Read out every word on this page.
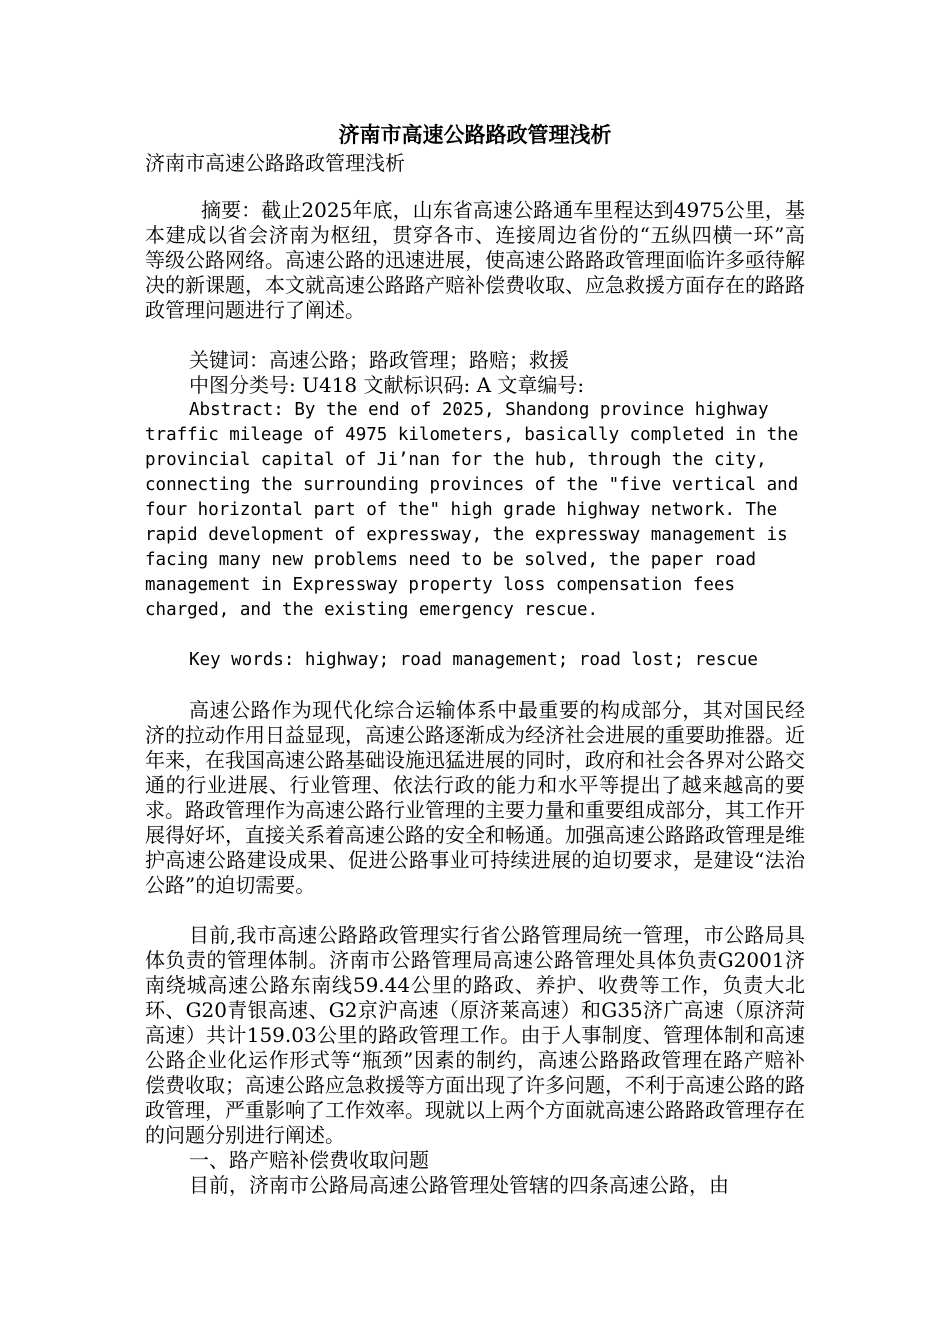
济南市高速公路路政管理浅析

济南市高速公路路政管理浅析

摘要：截止2025年底，山东省高速公路通车里程达到4975公里，基本建成以省会济南为枢纽，贯穿各市、连接周边省份的“五纵四横一环”高等级公路网络。高速公路的迅速进展，使高速公路路政管理面临许多亟待解决的新课题，本文就高速公路路产赔补偿费收取、应急救援方面存在的路路政管理问题进行了阐述。

关键词：高速公路；路政管理；路赔；救援

中图分类号: U418 文献标识码: A 文章编号:

Abstract: By the end of 2025, Shandong province highway traffic mileage of 4975 kilometers, basically completed in the provincial capital of Ji’nan for the hub, through the city, connecting the surrounding provinces of the "five vertical and four horizontal part of the" high grade highway network. The rapid development of expressway, the expressway management is facing many new problems need to be solved, the paper road management in Expressway property loss compensation fees charged, and the existing emergency rescue.

Key words: highway; road management; road lost; rescue

高速公路作为现代化综合运输体系中最重要的构成部分，其对国民经济的拉动作用日益显现，高速公路逐渐成为经济社会进展的重要助推器。近年来，在我国高速公路基础设施迅猛进展的同时，政府和社会各界对公路交通的行业进展、行业管理、依法行政的能力和水平等提出了越来越高的要求。路政管理作为高速公路行业管理的主要力量和重要组成部分，其工作开展得好坏，直接关系着高速公路的安全和畅通。加强高速公路路政管理是维护高速公路建设成果、促进公路事业可持续进展的迫切要求，是建设“法治公路”的迫切需要。

目前,我市高速公路路政管理实行省公路管理局统一管理，市公路局具体负责的管理体制。济南市公路管理局高速公路管理处具体负责G2001济南绕城高速公路东南线59.44公里的路政、养护、收费等工作，负责大北环、G20青银高速、G2京沪高速（原济莱高速）和G35济广高速（原济菏高速）共计159.03公里的路政管理工作。由于人事制度、管理体制和高速公路企业化运作形式等“瓶颈”因素的制约，高速公路路政管理在路产赔补偿费收取；高速公路应急救援等方面出现了许多问题，不利于高速公路的路政管理，严重影响了工作效率。现就以上两个方面就高速公路路政管理存在的问题分别进行阐述。

一、路产赔补偿费收取问题

目前，济南市公路局高速公路管理处管辖的四条高速公路，由
